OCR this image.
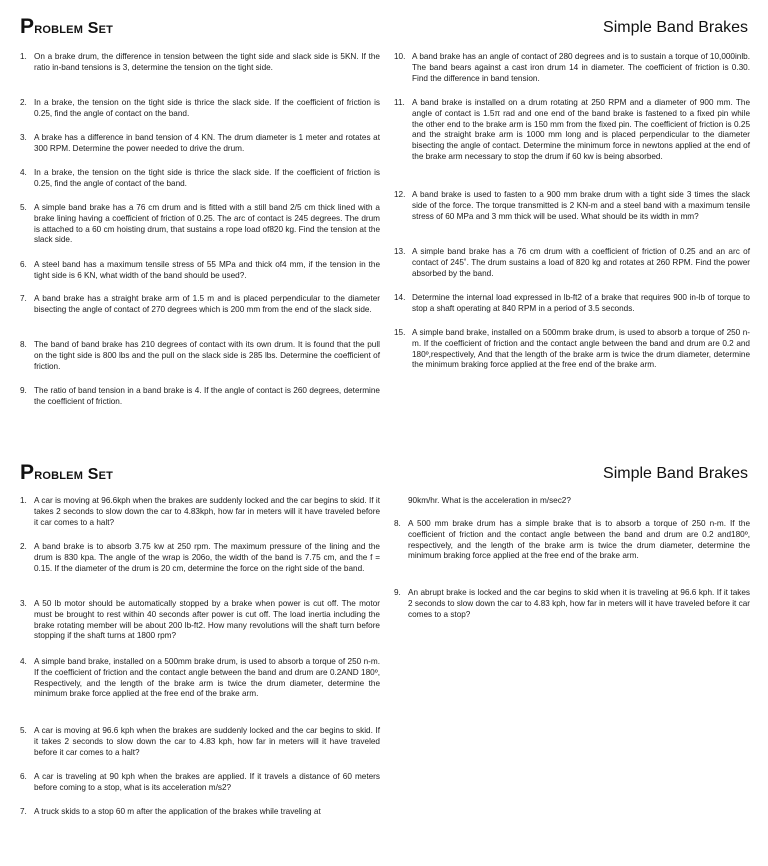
Problem Set	Simple Band Brakes
1. On a brake drum, the difference in tension between the tight side and slack side is 5KN. If the ratio in-band tensions is 3, determine the tension on the tight side.
2. In a brake, the tension on the tight side is thrice the slack side. If the coefficient of friction is 0.25, find the angle of contact on the band.
3. A brake has a difference in band tension of 4 KN. The drum diameter is 1 meter and rotates at 300 RPM. Determine the power needed to drive the drum.
4. In a brake, the tension on the tight side is thrice the slack side. If the coefficient of friction is 0.25, find the angle of contact of the band.
5. A simple band brake has a 76 cm drum and is fitted with a still band 2/5 cm thick lined with a brake lining having a coefficient of friction of 0.25. The arc of contact is 245 degrees. The drum is attached to a 60 cm hoisting drum, that sustains a rope load of820 kg. Find the tension at the slack side.
6. A steel band has a maximum tensile stress of 55 MPa and thick of4 mm, if the tension in the tight side is 6 KN, what width of the band should be used?.
7. A band brake has a straight brake arm of 1.5 m and is placed perpendicular to the diameter bisecting the angle of contact of 270 degrees which is 200 mm from the end of the slack side.
8. The band of band brake has 210 degrees of contact with its own drum. It is found that the pull on the tight side is 800 lbs and the pull on the slack side is 285 lbs. Determine the coefficient of friction.
9. The ratio of band tension in a band brake is 4. If the angle of contact is 260 degrees, determine the coefficient of friction.
10. A band brake has an angle of contact of 280 degrees and is to sustain a torque of 10,000inlb. The band bears against a cast iron drum 14 in diameter. The coefficient of friction is 0.30. Find the difference in band tension.
11. A band brake is installed on a drum rotating at 250 RPM and a diameter of 900 mm. The angle of contact is 1.5π rad and one end of the band brake is fastened to a fixed pin while the other end to the brake arm is 150 mm from the fixed pin. The coefficient of friction is 0.25 and the straight brake arm is 1000 mm long and is placed perpendicular to the diameter bisecting the angle of contact. Determine the minimum force in newtons applied at the end of the brake arm necessary to stop the drum if 60 kw is being absorbed.
12. A band brake is used to fasten to a 900 mm brake drum with a tight side 3 times the slack side of the force. The torque transmitted is 2 KN-m and a steel band with a maximum tensile stress of 60 MPa and 3 mm thick will be used. What should be its width in mm?
13. A simple band brake has a 76 cm drum with a coefficient of friction of 0.25 and an arc of contact of 245˚. The drum sustains a load of 820 kg and rotates at 260 RPM. Find the power absorbed by the band.
14. Determine the internal load expressed in lb-ft2 of a brake that requires 900 in-lb of torque to stop a shaft operating at 840 RPM in a period of 3.5 seconds.
15. A simple band brake, installed on a 500mm brake drum, is used to absorb a torque of 250 n-m. If the coefficient of friction and the contact angle between the band and drum are 0.2 and 180º,respectively, And that the length of the brake arm is twice the drum diameter, determine the minimum braking force applied at the free end of the brake arm.
Problem Set	Simple Band Brakes
1. A car is moving at 96.6kph when the brakes are suddenly locked and the car begins to skid. If it takes 2 seconds to slow down the car to 4.83kph, how far in meters will it have traveled before it car comes to a halt?
2. A band brake is to absorb 3.75 kw at 250 rpm. The maximum pressure of the lining and the drum is 830 kpa. The angle of the wrap is 206o, the width of the band is 7.75 cm, and the f = 0.15. If the diameter of the drum is 20 cm, determine the force on the right side of the band.
3. A 50 lb motor should be automatically stopped by a brake when power is cut off. The motor must be brought to rest within 40 seconds after power is cut off. The load inertia including the brake rotating member will be about 200 lb-ft2. How many revolutions will the shaft turn before stopping if the shaft turns at 1800 rpm?
4. A simple band brake, installed on a 500mm brake drum, is used to absorb a torque of 250 n-m. If the coefficient of friction and the contact angle between the band and drum are 0.2AND 180º, Respectively, and the length of the brake arm is twice the drum diameter, determine the minimum brake force applied at the free end of the brake arm.
5. A car is moving at 96.6 kph when the brakes are suddenly locked and the car begins to skid. If it takes 2 seconds to slow down the car to 4.83 kph, how far in meters will it have traveled before it car comes to a halt?
6. A car is traveling at 90 kph when the brakes are applied. If it travels a distance of 60 meters before coming to a stop, what is its acceleration m/s2?
7. A truck skids to a stop 60 m after the application of the brakes while traveling at
90km/hr. What is the acceleration in m/sec2?
8. A 500 mm brake drum has a simple brake that is to absorb a torque of 250 n-m. If the coefficient of friction and the contact angle between the band and drum are 0.2 and180º, respectively, and the length of the brake arm is twice the drum diameter, determine the minimum braking force applied at the free end of the brake arm.
9. An abrupt brake is locked and the car begins to skid when it is traveling at 96.6 kph. If it takes 2 seconds to slow down the car to 4.83 kph, how far in meters will it have traveled before it car comes to a stop?
